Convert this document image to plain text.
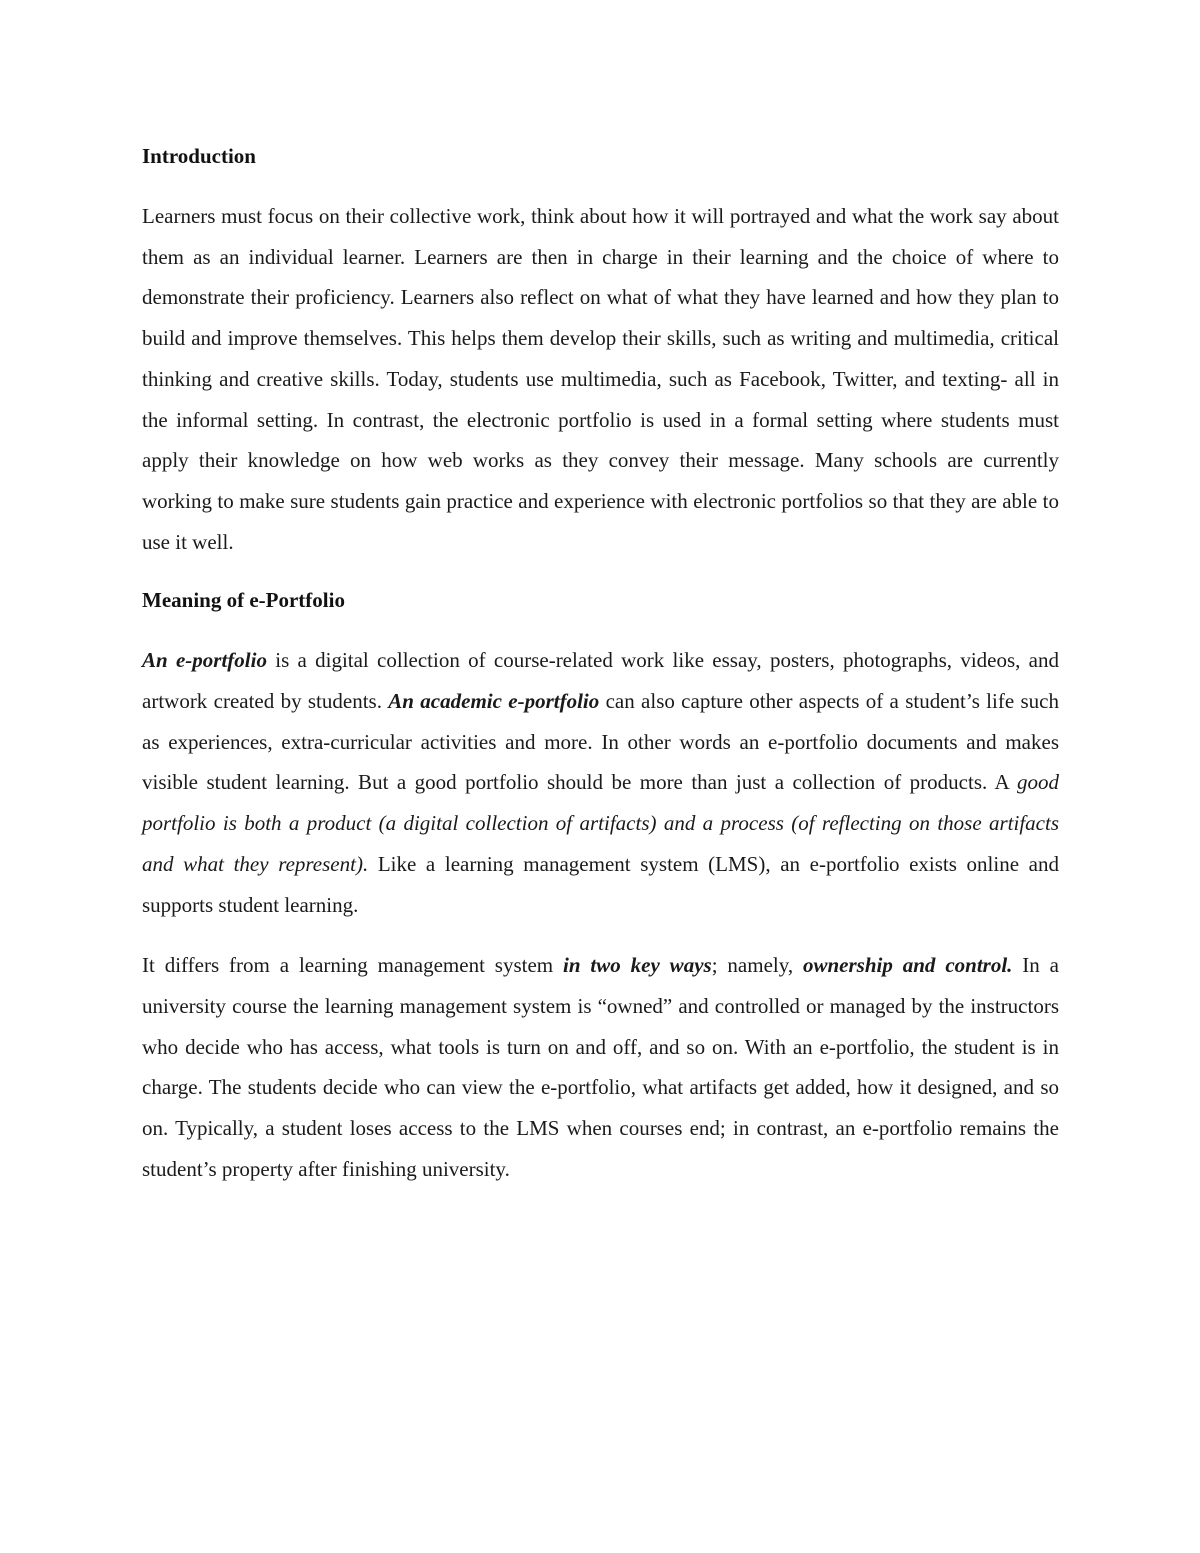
Introduction

Learners must focus on their collective work, think about how it will portrayed and what the work say about them as an individual learner. Learners are then in charge in their learning and the choice of where to demonstrate their proficiency. Learners also reflect on what of what they have learned and how they plan to build and improve themselves. This helps them develop their skills, such as writing and multimedia, critical thinking and creative skills. Today, students use multimedia, such as Facebook, Twitter, and texting- all in the informal setting. In contrast, the electronic portfolio is used in a formal setting where students must apply their knowledge on how web works as they convey their message. Many schools are currently working to make sure students gain practice and experience with electronic portfolios so that they are able to use it well.

Meaning of e-Portfolio

An e-portfolio is a digital collection of course-related work like essay, posters, photographs, videos, and artwork created by students. An academic e-portfolio can also capture other aspects of a student’s life such as experiences, extra-curricular activities and more. In other words an e-portfolio documents and makes visible student learning. But a good portfolio should be more than just a collection of products. A good portfolio is both a product (a digital collection of artifacts) and a process (of reflecting on those artifacts and what they represent). Like a learning management system (LMS), an e-portfolio exists online and supports student learning.

It differs from a learning management system in two key ways; namely, ownership and control. In a university course the learning management system is “owned” and controlled or managed by the instructors who decide who has access, what tools is turn on and off, and so on. With an e-portfolio, the student is in charge. The students decide who can view the e-portfolio, what artifacts get added, how it designed, and so on. Typically, a student loses access to the LMS when courses end; in contrast, an e-portfolio remains the student’s property after finishing university.
